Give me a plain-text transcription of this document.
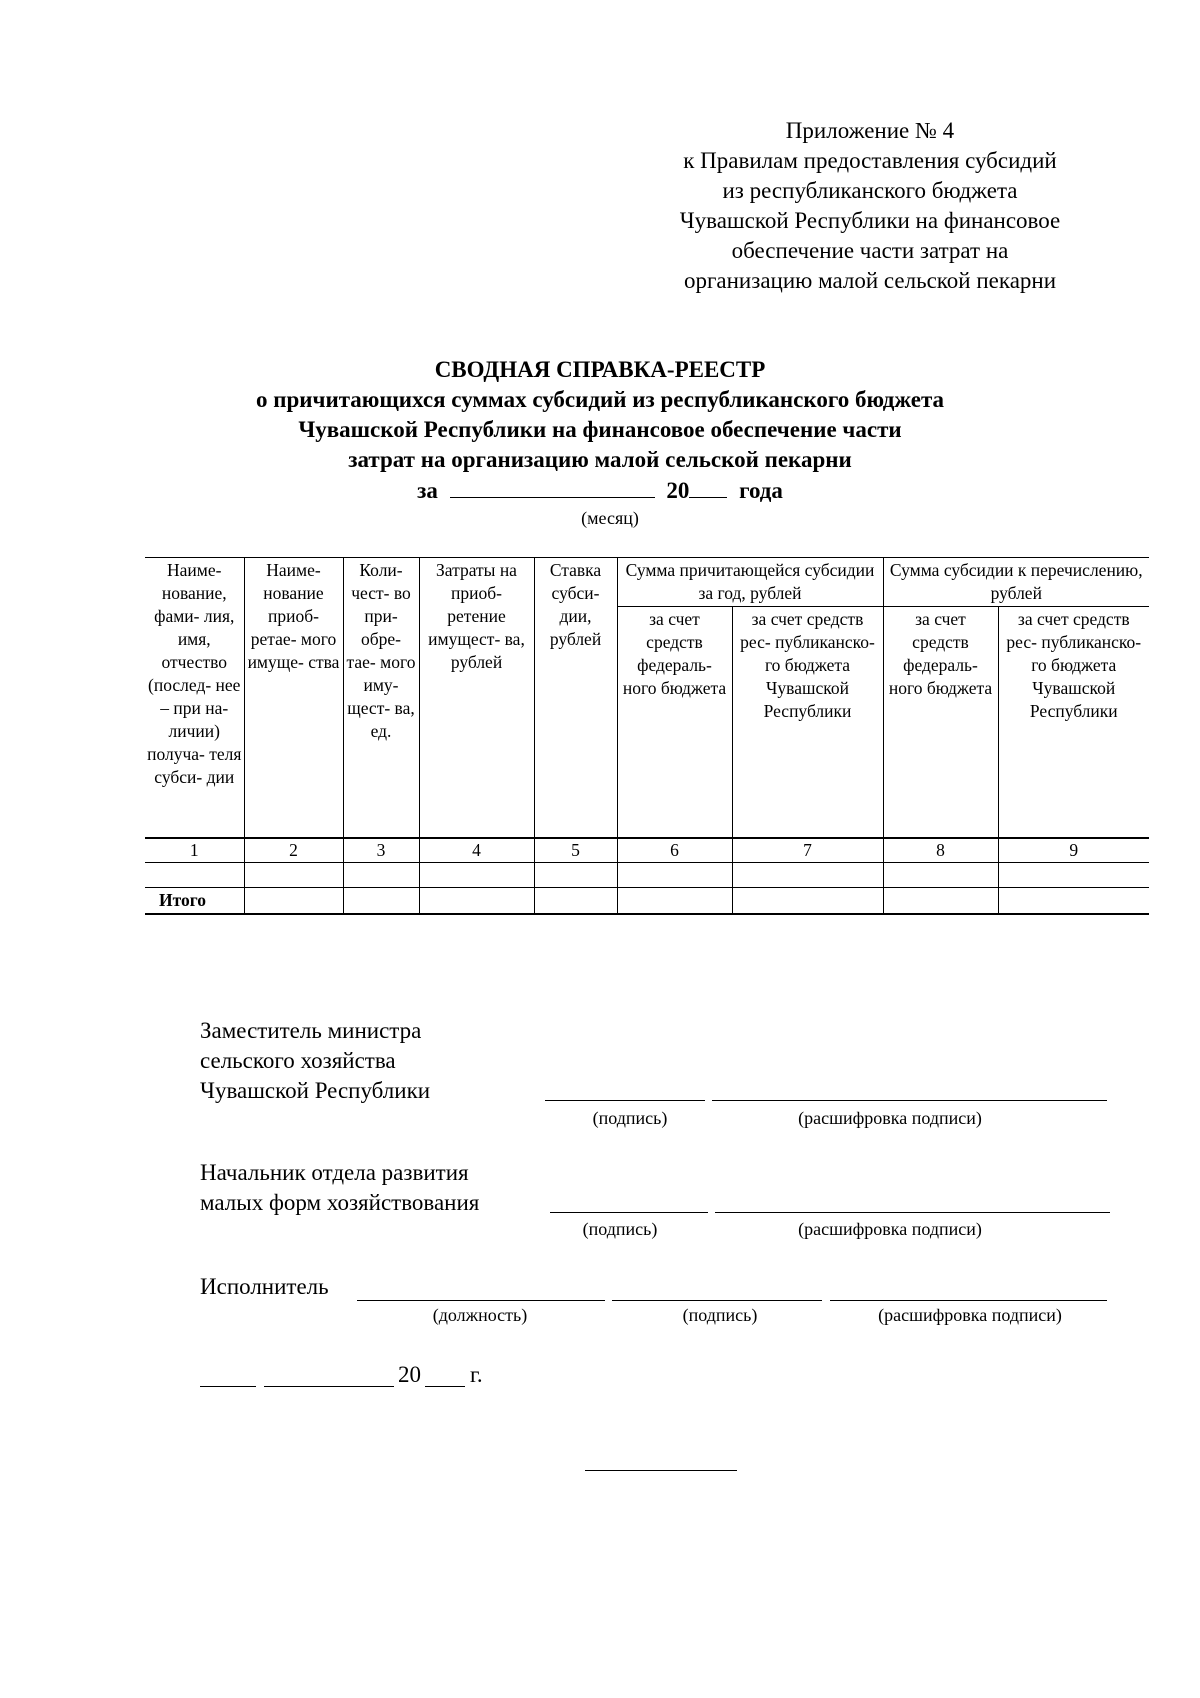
Приложение № 4
к Правилам предоставления субсидий
из республиканского бюджета
Чувашской Республики на финансовое
обеспечение части затрат на
организацию малой сельской пекарни
СВОДНАЯ СПРАВКА-РЕЕСТР
о причитающихся суммах субсидий из республиканского бюджета
Чувашской Республики на финансовое обеспечение части
затрат на организацию малой сельской пекарни
за	20 года
(месяц)
Наиме- нование, фами- лия, имя, отчество (послед- нее – при на- личии) получа- теля субси- дии	Наиме- нование приоб- ретае- мого имуще- ства	Коли- чест- во при- обре- тае- мого иму- щест- ва, ед.	Затраты на приоб- ретение имущест- ва, рублей	Ставка субси- дии, рублей	Сумма причитающейся субсидии за год, рублей		Сумма субсидии к перечислению, рублей	
					за счет средств федераль- ного бюджета	за счет средств рес- публиканско- го бюджета Чувашской Республики	за счет средств федераль- ного бюджета	за счет средств рес- публиканско- го бюджета Чувашской Республики
1	2	3	4	5	6	7	8	9

Итого								
Заместитель министра
сельского хозяйства
Чувашской Республики
(подпись)	(расшифровка подписи)
Начальник отдела развития
малых форм хозяйствования
(подпись)	(расшифровка подписи)
Исполнитель
(должность)	(подпись)	(расшифровка подписи)
20 г.
